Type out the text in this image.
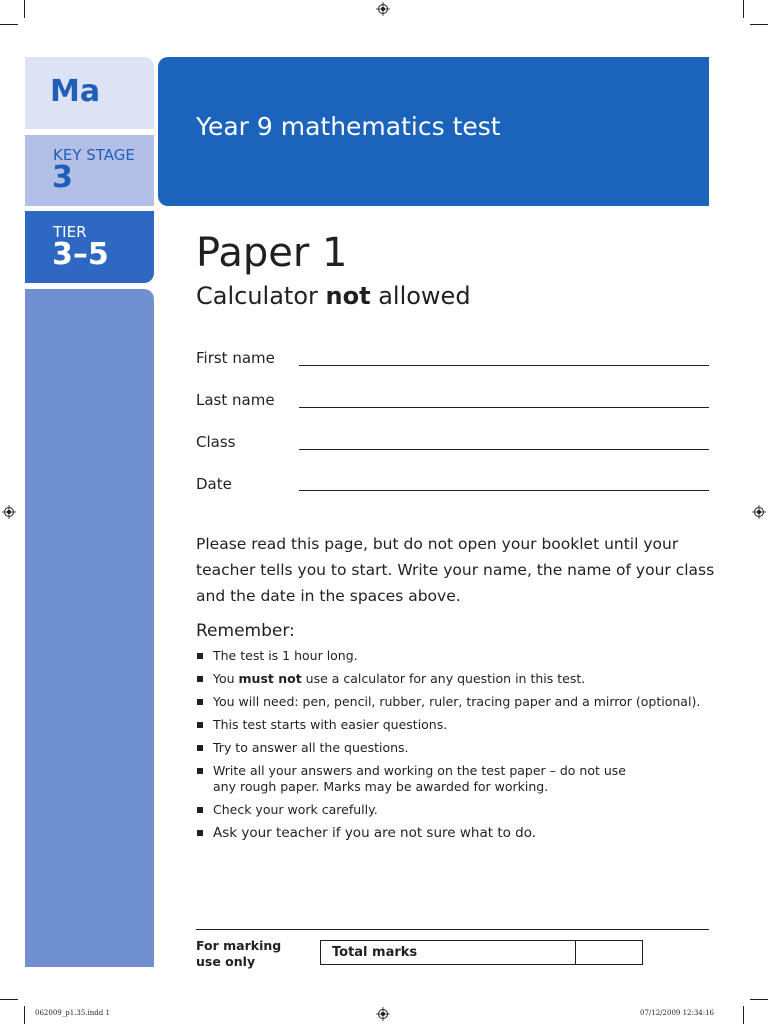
Ma
KEY STAGE
3
TIER
3–5
Year 9 mathematics test
Paper 1
Calculator not allowed
First name
Last name
Class
Date
Please read this page, but do not open your booklet until your teacher tells you to start. Write your name, the name of your class and the date in the spaces above.
Remember:
The test is 1 hour long.
You must not use a calculator for any question in this test.
You will need: pen, pencil, rubber, ruler, tracing paper and a mirror (optional).
This test starts with easier questions.
Try to answer all the questions.
Write all your answers and working on the test paper – do not use
any rough paper. Marks may be awarded for working.
Check your work carefully.
Ask your teacher if you are not sure what to do.
For marking
use only
Total marks
062009_p1.35.indd 1	07/12/2009 12:34:16
